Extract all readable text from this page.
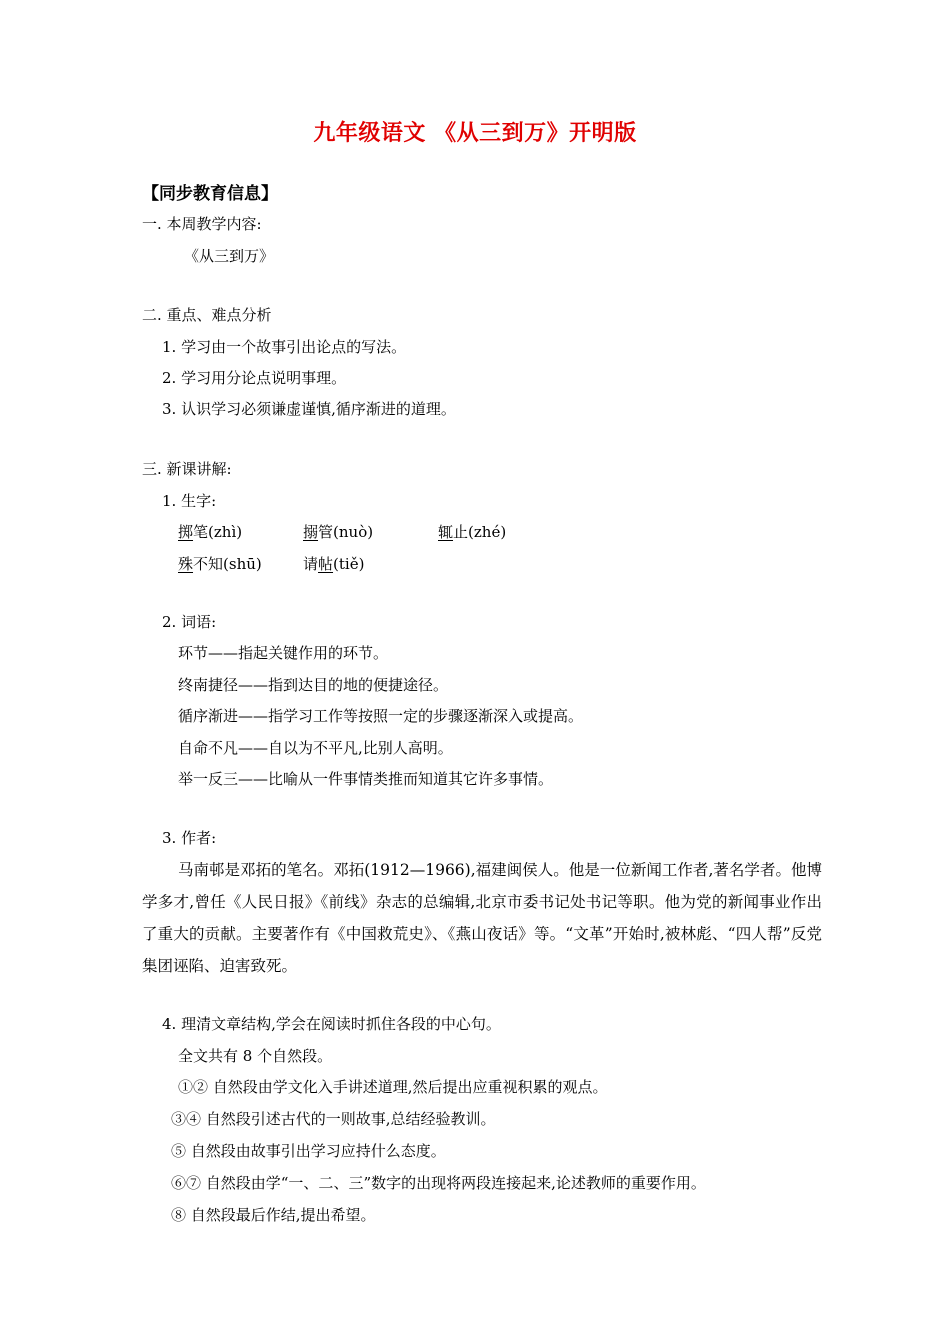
九年级语文 《从三到万》开明版
【同步教育信息】
一. 本周教学内容:
《从三到万》
二. 重点、难点分析
1. 学习由一个故事引出论点的写法。
2. 学习用分论点说明事理。
3. 认识学习必须谦虚谨慎,循序渐进的道理。
三. 新课讲解:
1. 生字:
掷笔(zhì)	搦管(nuò)	辄止(zhé)
殊不知(shū)	请帖(tiě)
2. 词语:
环节——指起关键作用的环节。
终南捷径——指到达目的地的便捷途径。
循序渐进——指学习工作等按照一定的步骤逐渐深入或提高。
自命不凡——自以为不平凡,比别人高明。
举一反三——比喻从一件事情类推而知道其它许多事情。
3. 作者:
马南邨是邓拓的笔名。邓拓(1912—1966),福建闽侯人。他是一位新闻工作者,著名学者。他博学多才,曾任《人民日报》《前线》杂志的总编辑,北京市委书记处书记等职。他为党的新闻事业作出了重大的贡献。主要著作有《中国救荒史》、《燕山夜话》等。“文革”开始时,被林彪、“四人帮”反党集团诬陷、迫害致死。
4. 理清文章结构,学会在阅读时抓住各段的中心句。
全文共有 8 个自然段。
①② 自然段由学文化入手讲述道理,然后提出应重视积累的观点。
③④ 自然段引述古代的一则故事,总结经验教训。
⑤ 自然段由故事引出学习应持什么态度。
⑥⑦ 自然段由学“一、二、三”数字的出现将两段连接起来,论述教师的重要作用。
⑧ 自然段最后作结,提出希望。
